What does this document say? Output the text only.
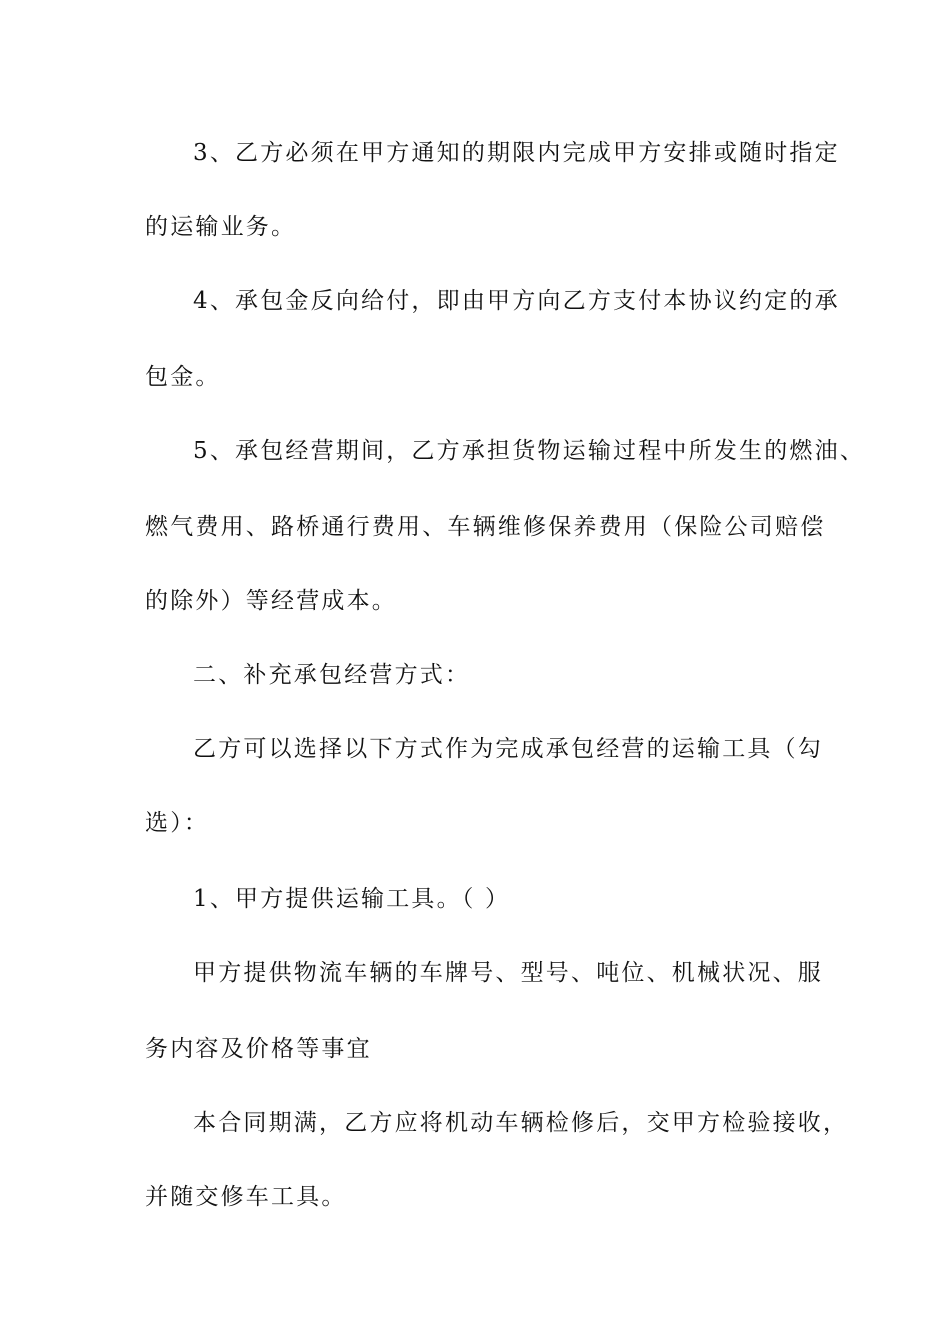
3、乙方必须在甲方通知的期限内完成甲方安排或随时指定
的运输业务。
4、承包金反向给付，即由甲方向乙方支付本协议约定的承
包金。
5、承包经营期间，乙方承担货物运输过程中所发生的燃油、
燃气费用、路桥通行费用、车辆维修保养费用（保险公司赔偿
的除外）等经营成本。
二、补充承包经营方式：
乙方可以选择以下方式作为完成承包经营的运输工具（勾
选）：
1、甲方提供运输工具。（ ）
甲方提供物流车辆的车牌号、型号、吨位、机械状况、服
务内容及价格等事宜
本合同期满，乙方应将机动车辆检修后，交甲方检验接收，
并随交修车工具。
